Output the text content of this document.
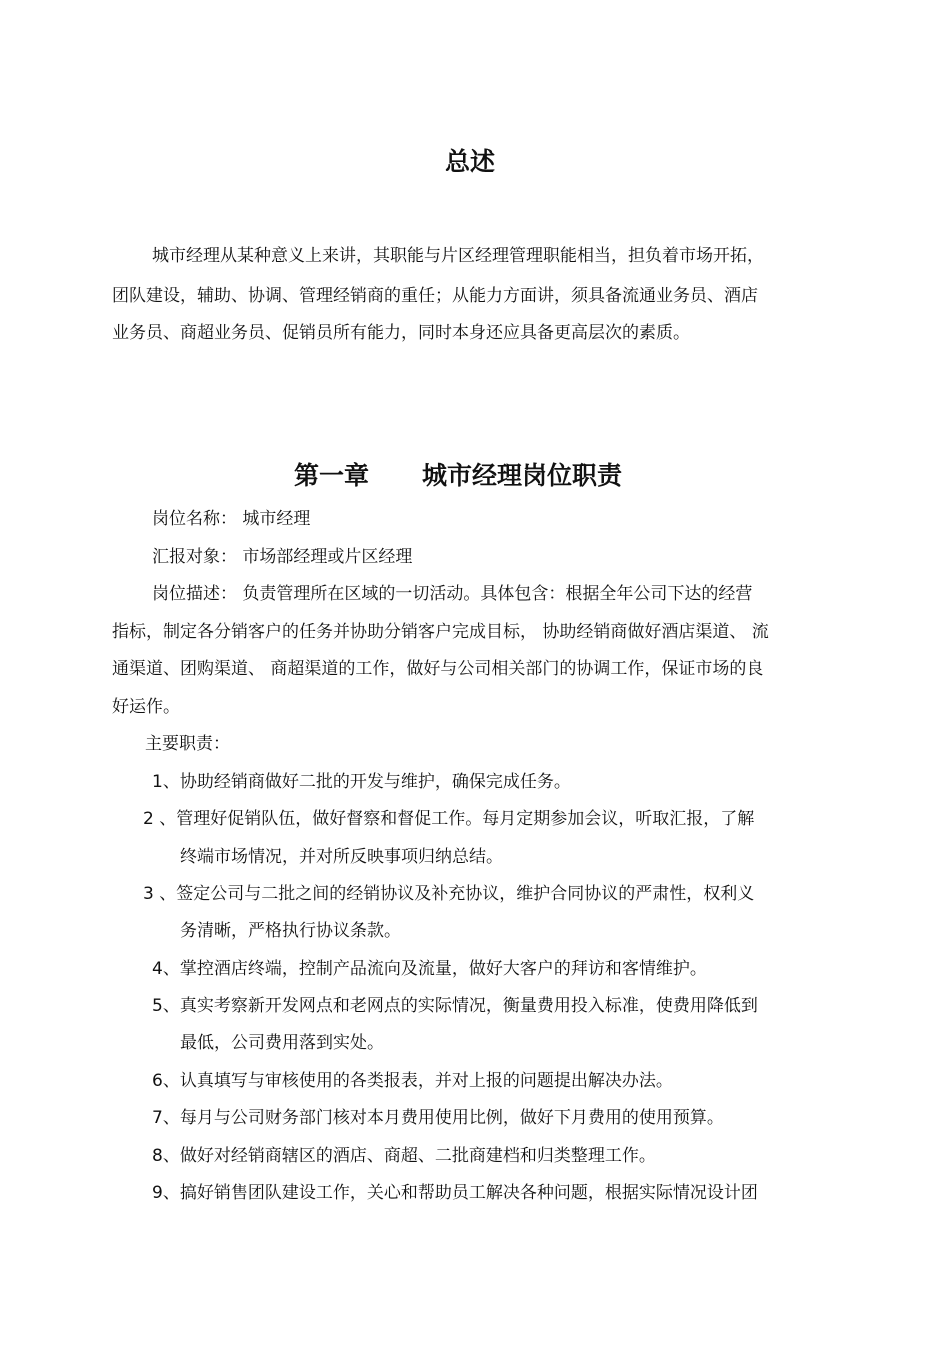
总述

城市经理从某种意义上来讲，其职能与片区经理管理职能相当，担负着市场开拓，

团队建设，辅助、协调、管理经销商的重任；从能力方面讲，须具备流通业务员、酒店

业务员、商超业务员、促销员所有能力，同时本身还应具备更高层次的素质。

第一章 城市经理岗位职责

岗位名称： 城市经理

汇报对象： 市场部经理或片区经理

岗位描述： 负责管理所在区域的一切活动。具体包含：根据全年公司下达的经营

指标，制定各分销客户的任务并协助分销客户完成目标， 协助经销商做好酒店渠道、 流

通渠道、团购渠道、 商超渠道的工作，做好与公司相关部门的协调工作，保证市场的良

好运作。

主要职责：

1、协助经销商做好二批的开发与维护，确保完成任务。

2 、管理好促销队伍，做好督察和督促工作。每月定期参加会议，听取汇报，了解

终端市场情况，并对所反映事项归纳总结。

3 、签定公司与二批之间的经销协议及补充协议，维护合同协议的严肃性，权利义

务清晰，严格执行协议条款。

4、掌控酒店终端，控制产品流向及流量，做好大客户的拜访和客情维护。

5、真实考察新开发网点和老网点的实际情况，衡量费用投入标准，使费用降低到

最低，公司费用落到实处。

6、认真填写与审核使用的各类报表，并对上报的问题提出解决办法。

7、每月与公司财务部门核对本月费用使用比例，做好下月费用的使用预算。

8、做好对经销商辖区的酒店、商超、二批商建档和归类整理工作。

9、搞好销售团队建设工作，关心和帮助员工解决各种问题，根据实际情况设计团
